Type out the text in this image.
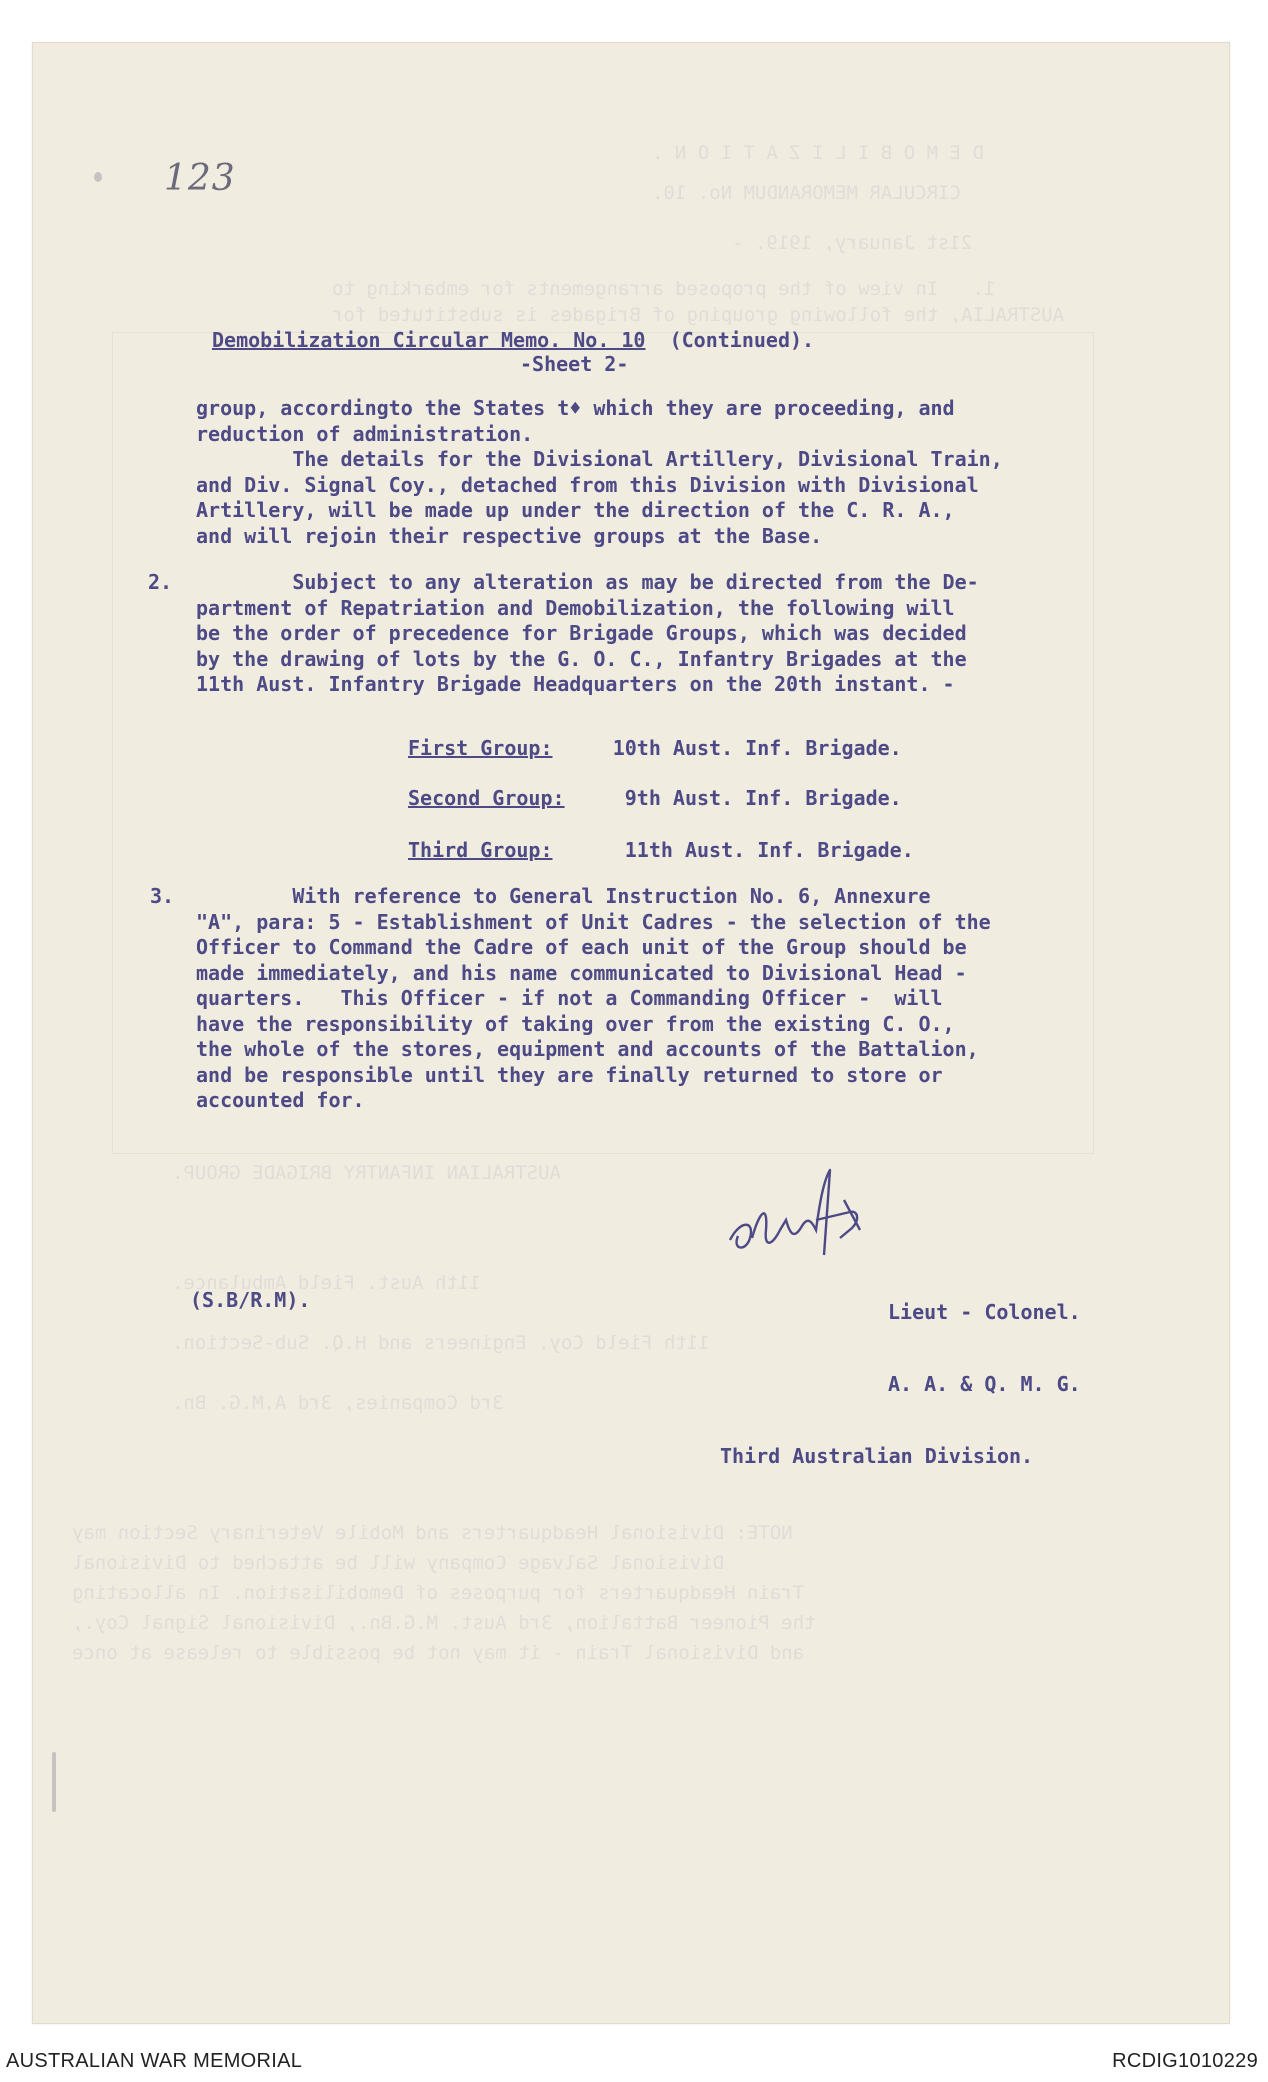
D E M O B I L I Z A T I O N .
CIRCULAR MEMORANDUM No. 10.
21st January, 1919. -
1.   In view of the proposed arrangements for embarking to
AUSTRALIA, the following grouping of Brigades is substituted for
AUSTRALIAN INFANTRY BRIGADE GROUP.
11th Aust. Field Ambulance.
11th Field Coy. Engineers and H.Q. Sub-Section.
3rd Companies, 3rd A.M.G. Bn.
NOTE: Divisional Headquarters and Mobile Veterinary Section may
Divisional Salvage Company will be attached to Divisional
Train Headquarters for purposes of Demobilisation. In allocating
the Pioneer Battalion, 3rd Aust. M.G.Bn., Divisional Signal Coy.,
and Divisional Train - it may not be possible to release at once
123
Demobilization Circular Memo. No. 10 (Continued).
-Sheet 2-
group, accordingto the States t♦ which they are proceeding, and
reduction of administration.
The details for the Divisional Artillery, Divisional Train,
and Div. Signal Coy., detached from this Division with Divisional
Artillery, will be made up under the direction of the C. R. A.,
and will rejoin their respective groups at the Base.
2. Subject to any alteration as may be directed from the De-
partment of Repatriation and Demobilization, the following will
be the order of precedence for Brigade Groups, which was decided
by the drawing of lots by the G. O. C., Infantry Brigades at the
11th Aust. Infantry Brigade Headquarters on the 20th instant. -
First Group:	10th Aust. Inf. Brigade.
Second Group:	9th Aust. Inf. Brigade.
Third Group:	11th Aust. Inf. Brigade.
3. With reference to General Instruction No. 6, Annexure
"A", para: 5 - Establishment of Unit Cadres - the selection of the
Officer to Command the Cadre of each unit of the Group should be
made immediately, and his name communicated to Divisional Head -
quarters.   This Officer - if not a Commanding Officer -  will
have the responsibility of taking over from the existing C. O.,
the whole of the stores, equipment and accounts of the Battalion,
and be responsible until they are finally returned to store or
accounted for.

Lieut - Colonel.

A. A. & Q. M. G.

Third Australian Division.

(S.B/R.M).
AUSTRALIAN WAR MEMORIAL	RCDIG1010229
